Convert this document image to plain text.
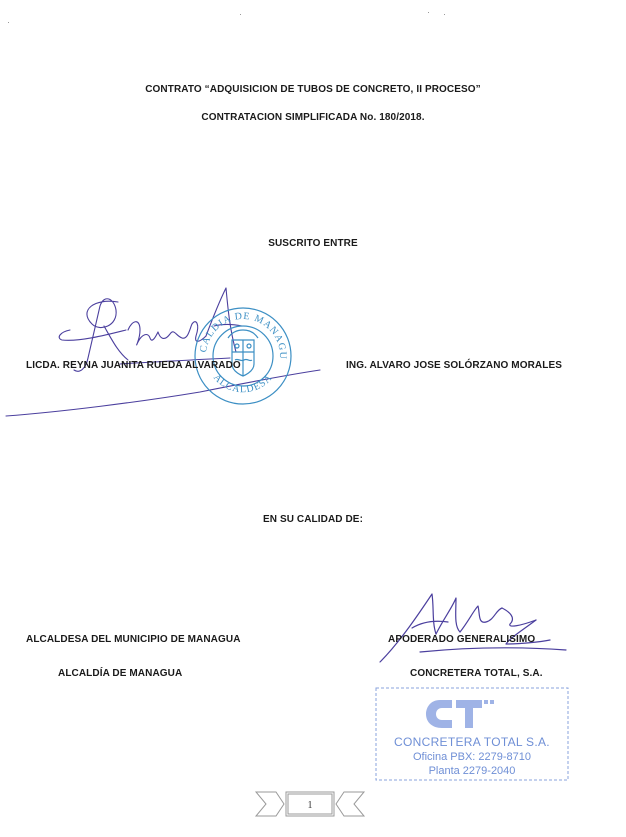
CONTRATO “ADQUISICION DE TUBOS DE CONCRETO, II PROCESO”
CONTRATACION SIMPLIFICADA No. 180/2018.
SUSCRITO ENTRE
ALCALDIA DE MANAGUA
ALCALDESA
LICDA. REYNA JUANITA RUEDA ALVARADO	ING. ALVARO JOSE SOLÓRZANO MORALES
EN SU CALIDAD DE:
ALCALDESA DEL MUNICIPIO DE MANAGUA	APODERADO GENERALISIMO
ALCALDÍA DE MANAGUA	CONCRETERA TOTAL, S.A.
CONCRETERA TOTAL S.A.
Oficina PBX: 2279-8710
Planta 2279-2040
1
